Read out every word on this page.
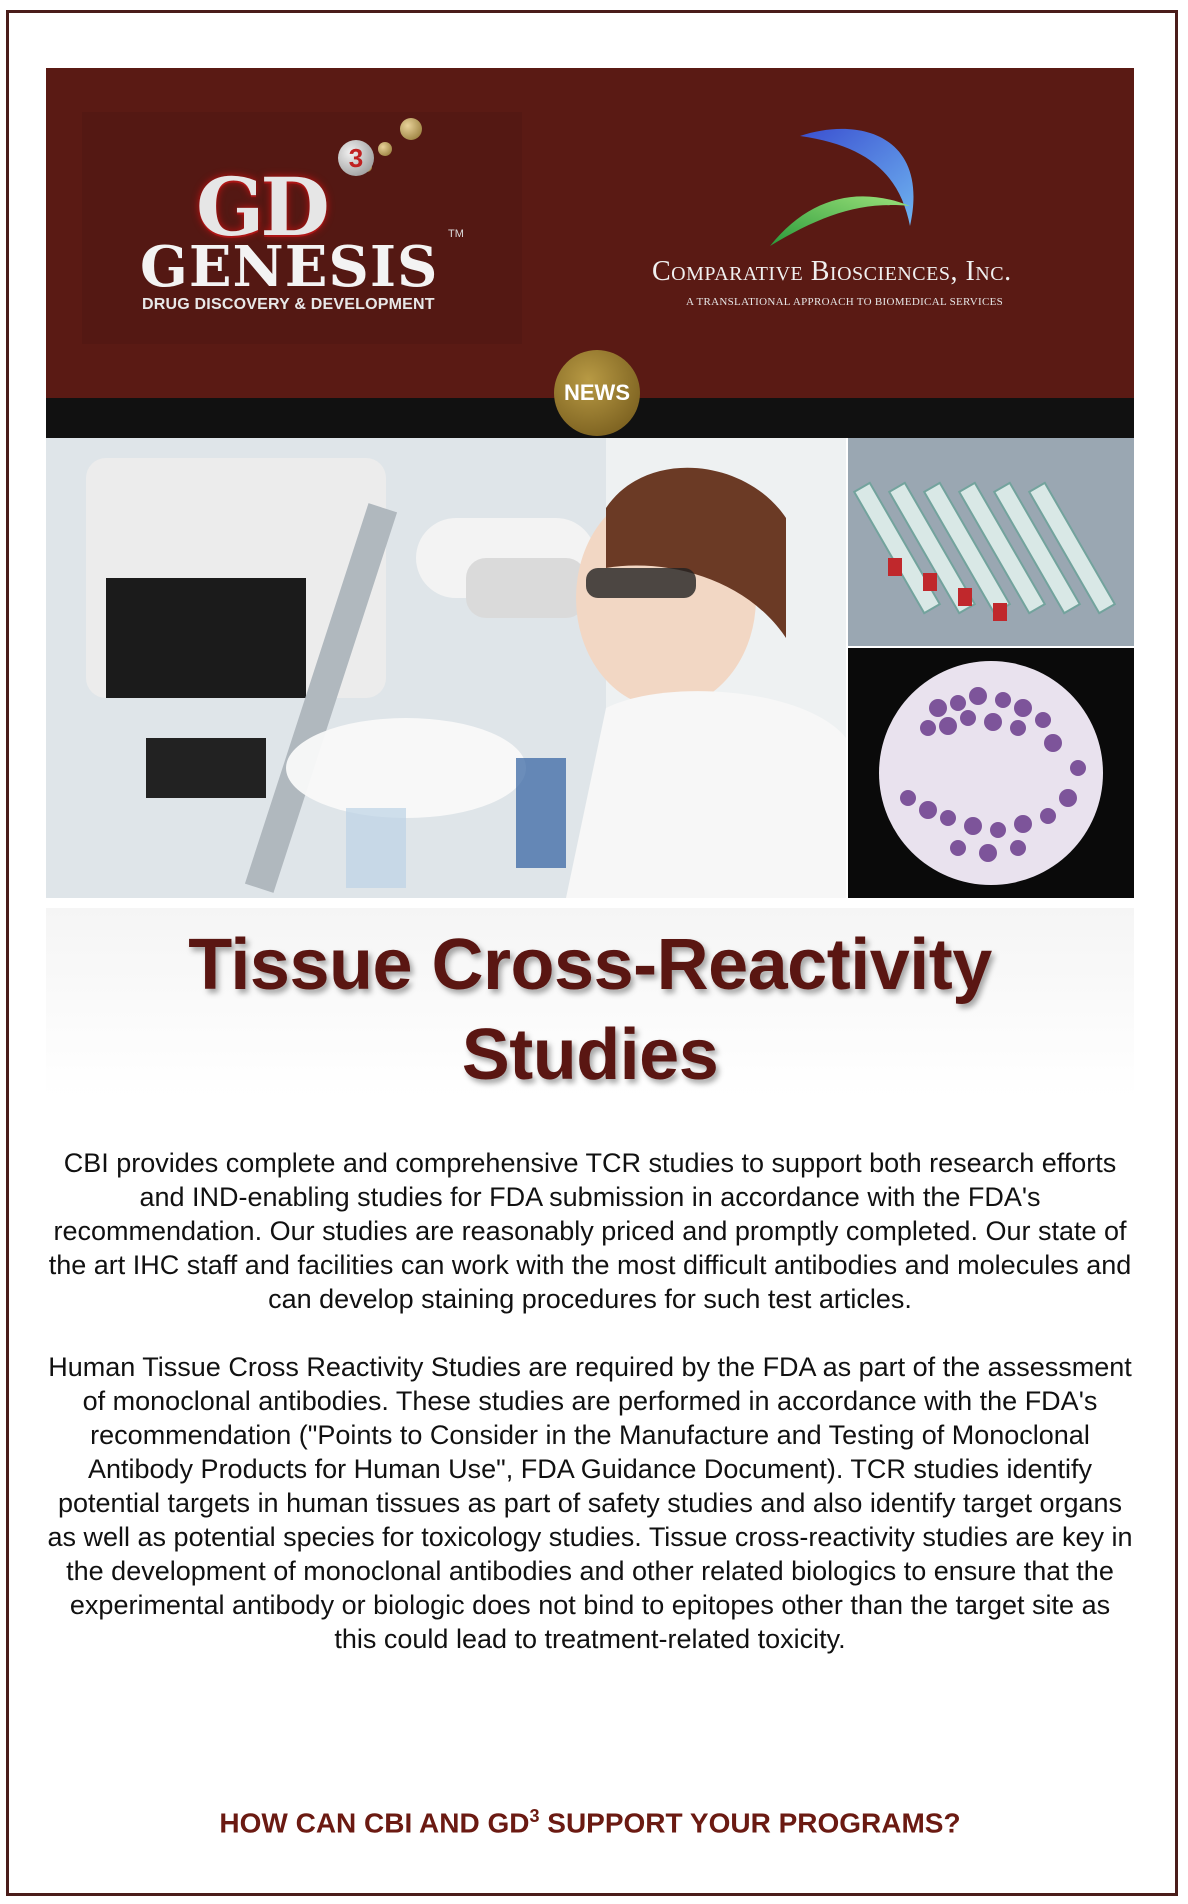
GD
3
GENESIS TM
DRUG DISCOVERY & DEVELOPMENT
Comparative Biosciences, Inc.
A TRANSLATIONAL APPROACH TO BIOMEDICAL SERVICES
NEWS
Tissue Cross-Reactivity
Studies

CBI provides complete and comprehensive TCR studies to support both research efforts and IND-enabling studies for FDA submission in accordance with the FDA's recommendation. Our studies are reasonably priced and promptly completed. Our state of the art IHC staff and facilities can work with the most difficult antibodies and molecules and can develop staining procedures for such test articles.

Human Tissue Cross Reactivity Studies are required by the FDA as part of the assessment of monoclonal antibodies. These studies are performed in accordance with the FDA's recommendation ("Points to Consider in the Manufacture and Testing of Monoclonal Antibody Products for Human Use", FDA Guidance Document). TCR studies identify potential targets in human tissues as part of safety studies and also identify target organs as well as potential species for toxicology studies. Tissue cross-reactivity studies are key in the development of monoclonal antibodies and other related biologics to ensure that the experimental antibody or biologic does not bind to epitopes other than the target site as this could lead to treatment-related toxicity.

HOW CAN CBI AND $GD^3$ SUPPORT YOUR PROGRAMS?
